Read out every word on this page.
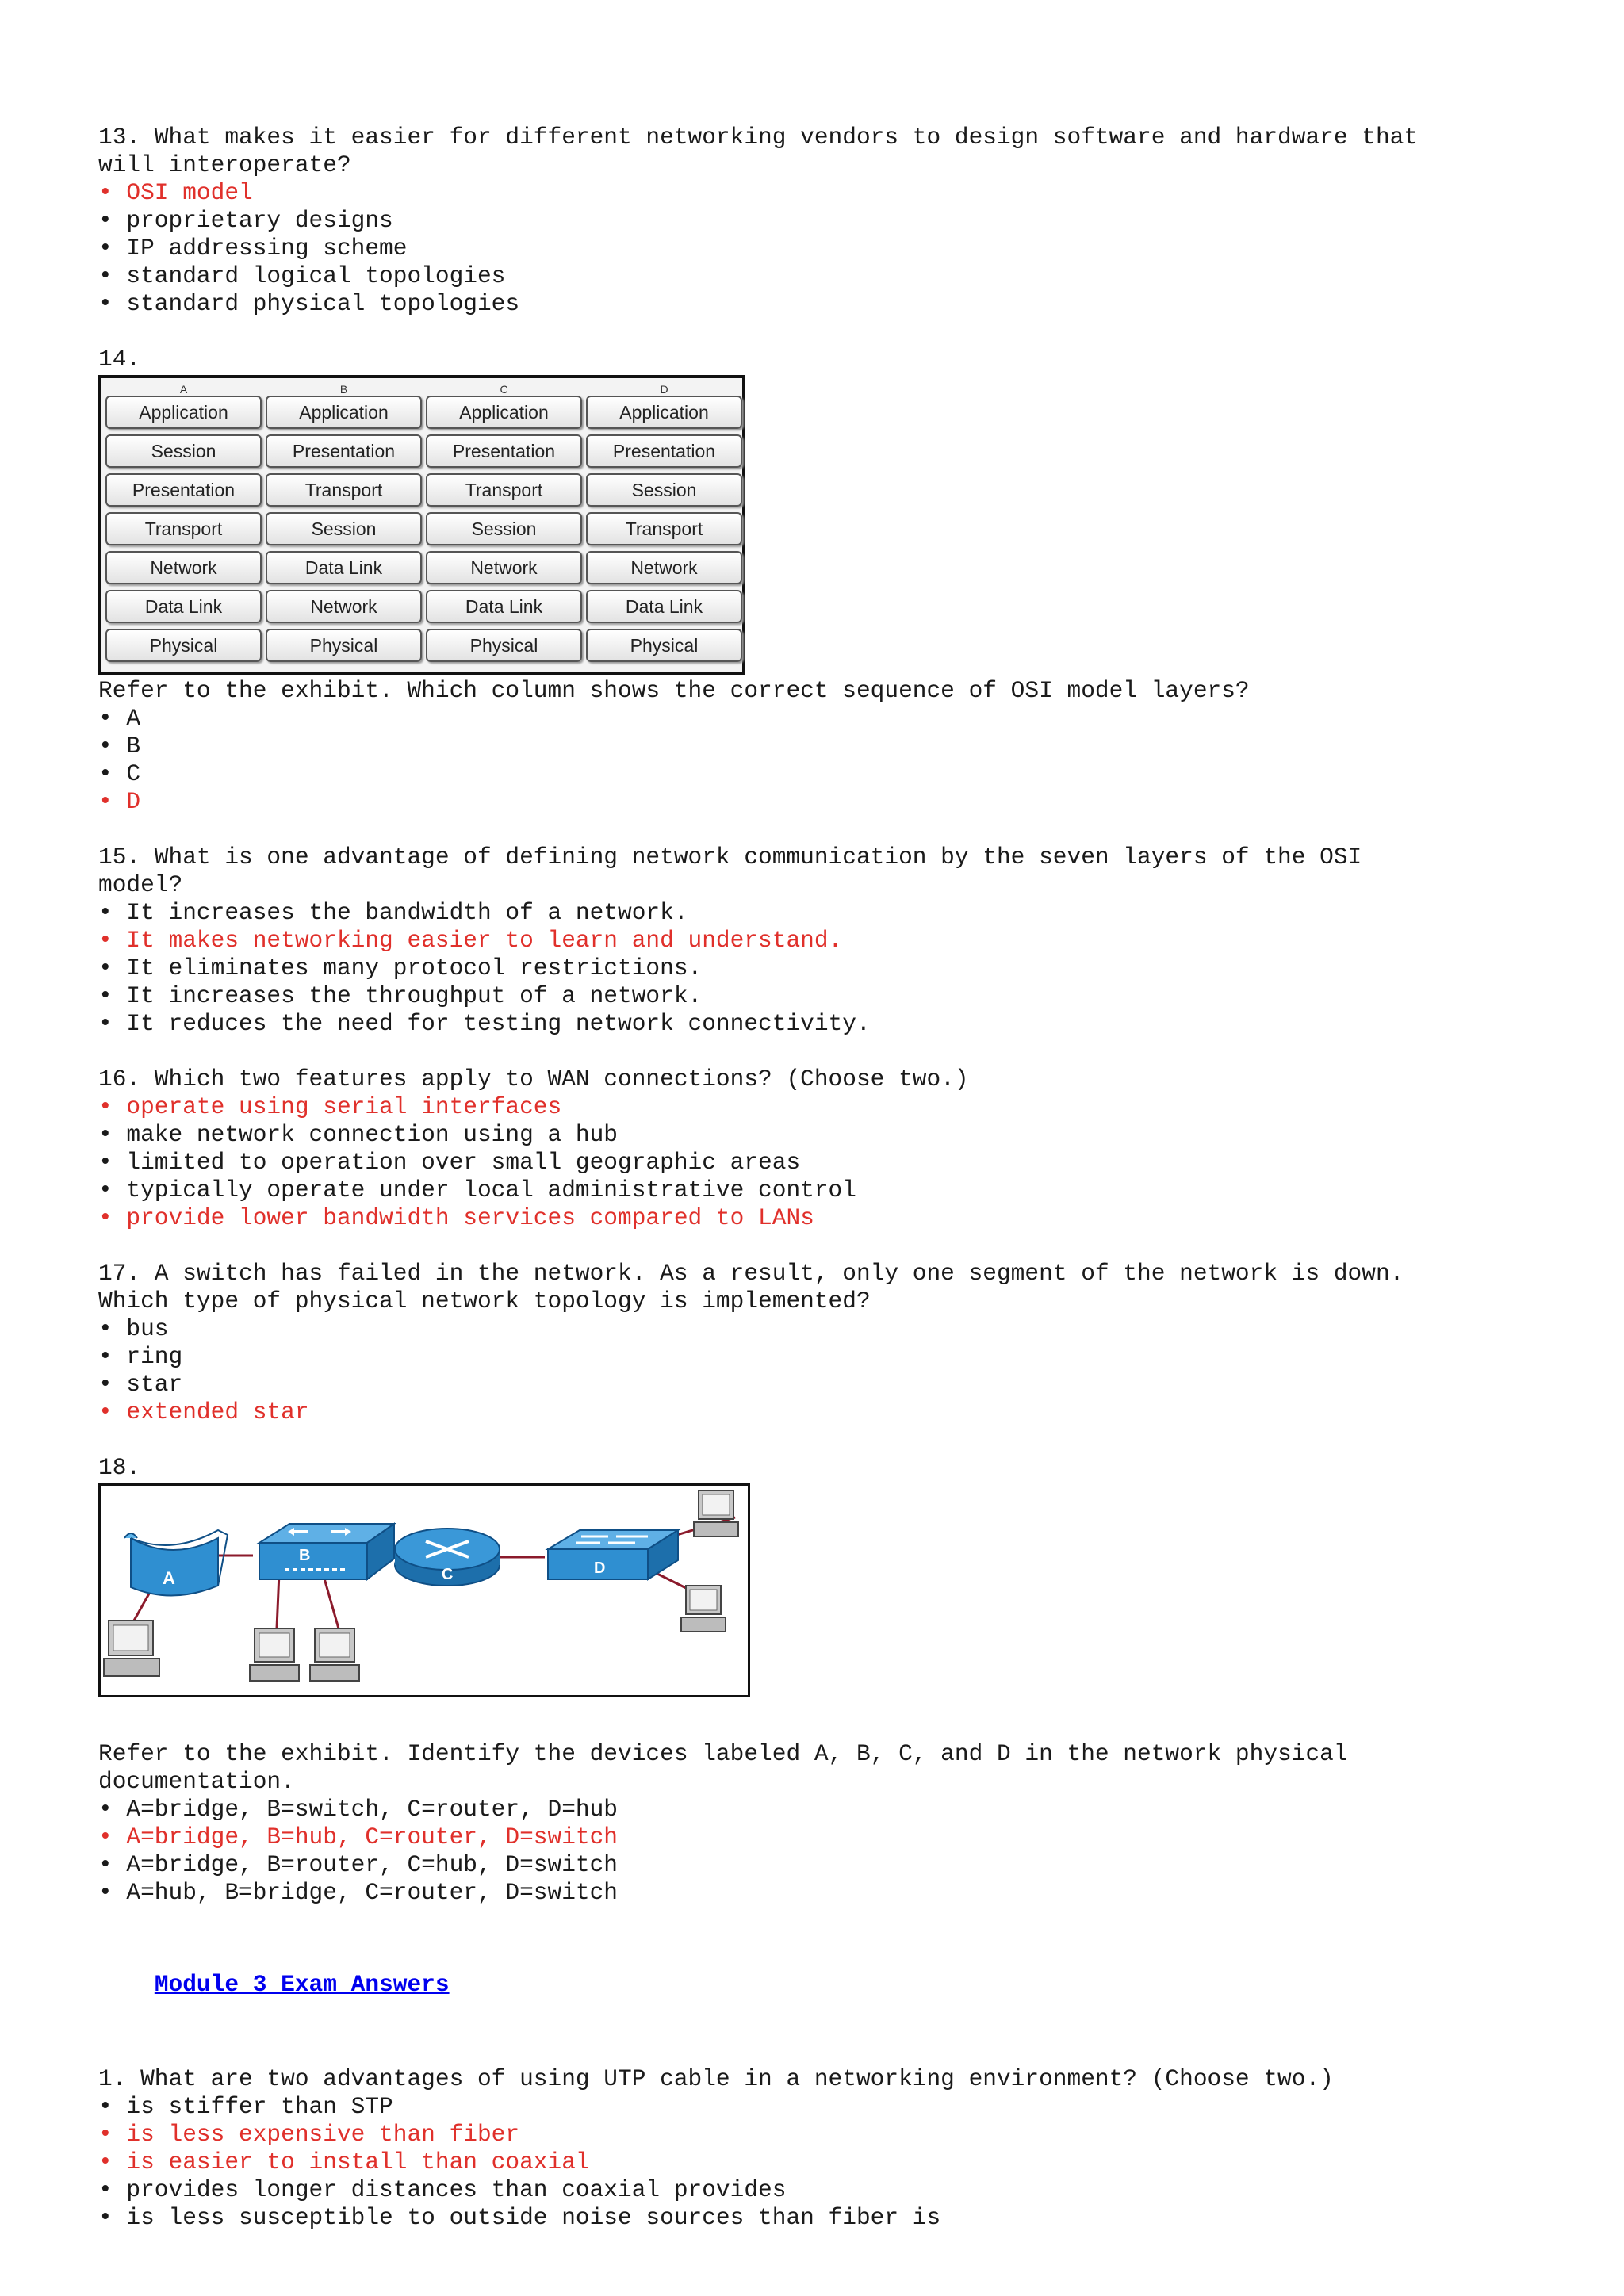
13. What makes it easier for different networking vendors to design software and hardware that
will interoperate?
• OSI model
• proprietary designs
• IP addressing scheme
• standard logical topologies
• standard physical topologies
14.
A
Application
Session
Presentation
Transport
Network
Data Link
Physical
B
Application
Presentation
Transport
Session
Data Link
Network
Physical
C
Application
Presentation
Transport
Session
Network
Data Link
Physical
D
Application
Presentation
Session
Transport
Network
Data Link
Physical
Refer to the exhibit. Which column shows the correct sequence of OSI model layers?
• A
• B
• C
• D
15. What is one advantage of defining network communication by the seven layers of the OSI
model?
• It increases the bandwidth of a network.
• It makes networking easier to learn and understand.
• It eliminates many protocol restrictions.
• It increases the throughput of a network.
• It reduces the need for testing network connectivity.
16. Which two features apply to WAN connections? (Choose two.)
• operate using serial interfaces
• make network connection using a hub
• limited to operation over small geographic areas
• typically operate under local administrative control
• provide lower bandwidth services compared to LANs
17. A switch has failed in the network. As a result, only one segment of the network is down.
Which type of physical network topology is implemented?
• bus
• ring
• star
• extended star
18.
A
B
C	D
Refer to the exhibit. Identify the devices labeled A, B, C, and D in the network physical
documentation.
• A=bridge, B=switch, C=router, D=hub
• A=bridge, B=hub, C=router, D=switch
• A=bridge, B=router, C=hub, D=switch
• A=hub, B=bridge, C=router, D=switch

Module 3 Exam Answers

1. What are two advantages of using UTP cable in a networking environment? (Choose two.)
• is stiffer than STP
• is less expensive than fiber
• is easier to install than coaxial
• provides longer distances than coaxial provides
• is less susceptible to outside noise sources than fiber is
